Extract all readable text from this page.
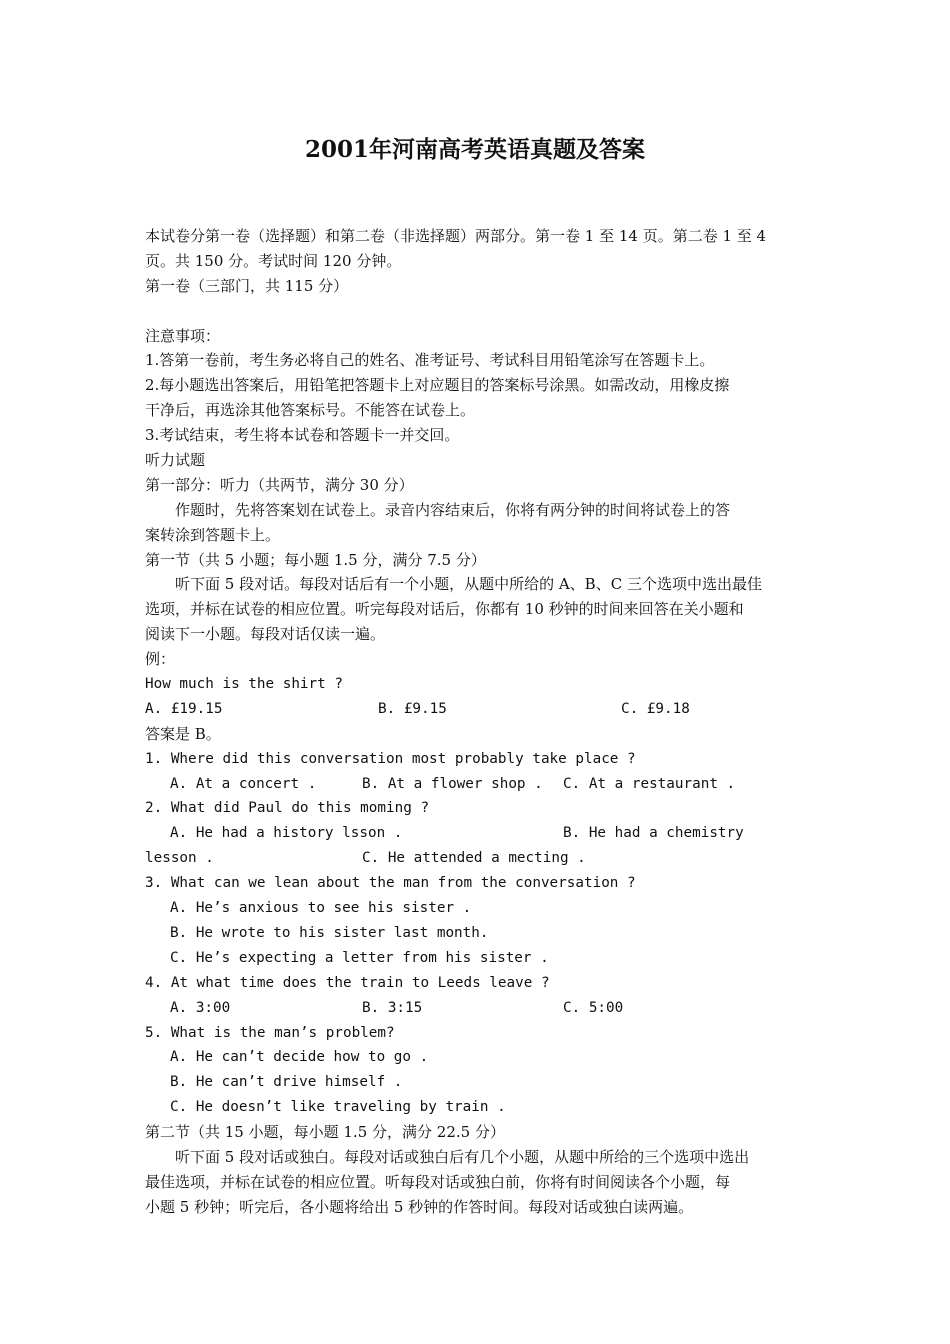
2001年河南高考英语真题及答案

本试卷分第一卷（选择题）和第二卷（非选择题）两部分。第一卷 1 至 14 页。第二卷 1 至 4

页。共 150 分。考试时间 120 分钟。

第一卷（三部门，共 115 分）

注意事项：

1.答第一卷前，考生务必将自己的姓名、准考证号、考试科目用铅笔涂写在答题卡上。

2.每小题选出答案后，用铅笔把答题卡上对应题目的答案标号涂黑。如需改动，用橡皮擦

干净后，再选涂其他答案标号。不能答在试卷上。

3.考试结束，考生将本试卷和答题卡一并交回。

听力试题

第一部分：听力（共两节，满分 30 分）

作题时，先将答案划在试卷上。录音内容结束后，你将有两分钟的时间将试卷上的答

案转涂到答题卡上。

第一节（共 5 小题；每小题 1.5 分，满分 7.5 分）

听下面 5 段对话。每段对话后有一个小题，从题中所给的 A、B、C 三个选项中选出最佳

选项，并标在试卷的相应位置。听完每段对话后，你都有 10 秒钟的时间来回答在关小题和

阅读下一小题。每段对话仅读一遍。

例：

How much is the shirt ?

A. £19.15	B. £9.15	C. £9.18

答案是 B。

1. Where did this conversation most probably take place ?

A. At a concert .	B. At a flower shop .	C. At a restaurant .

2. What did Paul do this moming ?

A. He had a history lsson .	B. He had a chemistry
lesson .	C. He attended a mecting .

3. What can we lean about the man from the conversation ?

A. He’s anxious to see his sister .

B. He wrote to his sister last month.

C. He’s expecting a letter from his sister .

4. At what time does the train to Leeds leave ?

A. 3:00	B. 3:15	C. 5:00

5. What is the man’s problem?

A. He can’t decide how to go .

B. He can’t drive himself .

C. He doesn’t like traveling by train .

第二节（共 15 小题，每小题 1.5 分，满分 22.5 分）

听下面 5 段对话或独白。每段对话或独白后有几个小题，从题中所给的三个选项中选出

最佳选项，并标在试卷的相应位置。听每段对话或独白前，你将有时间阅读各个小题，每

小题 5 秒钟；听完后，各小题将给出 5 秒钟的作答时间。每段对话或独白读两遍。
